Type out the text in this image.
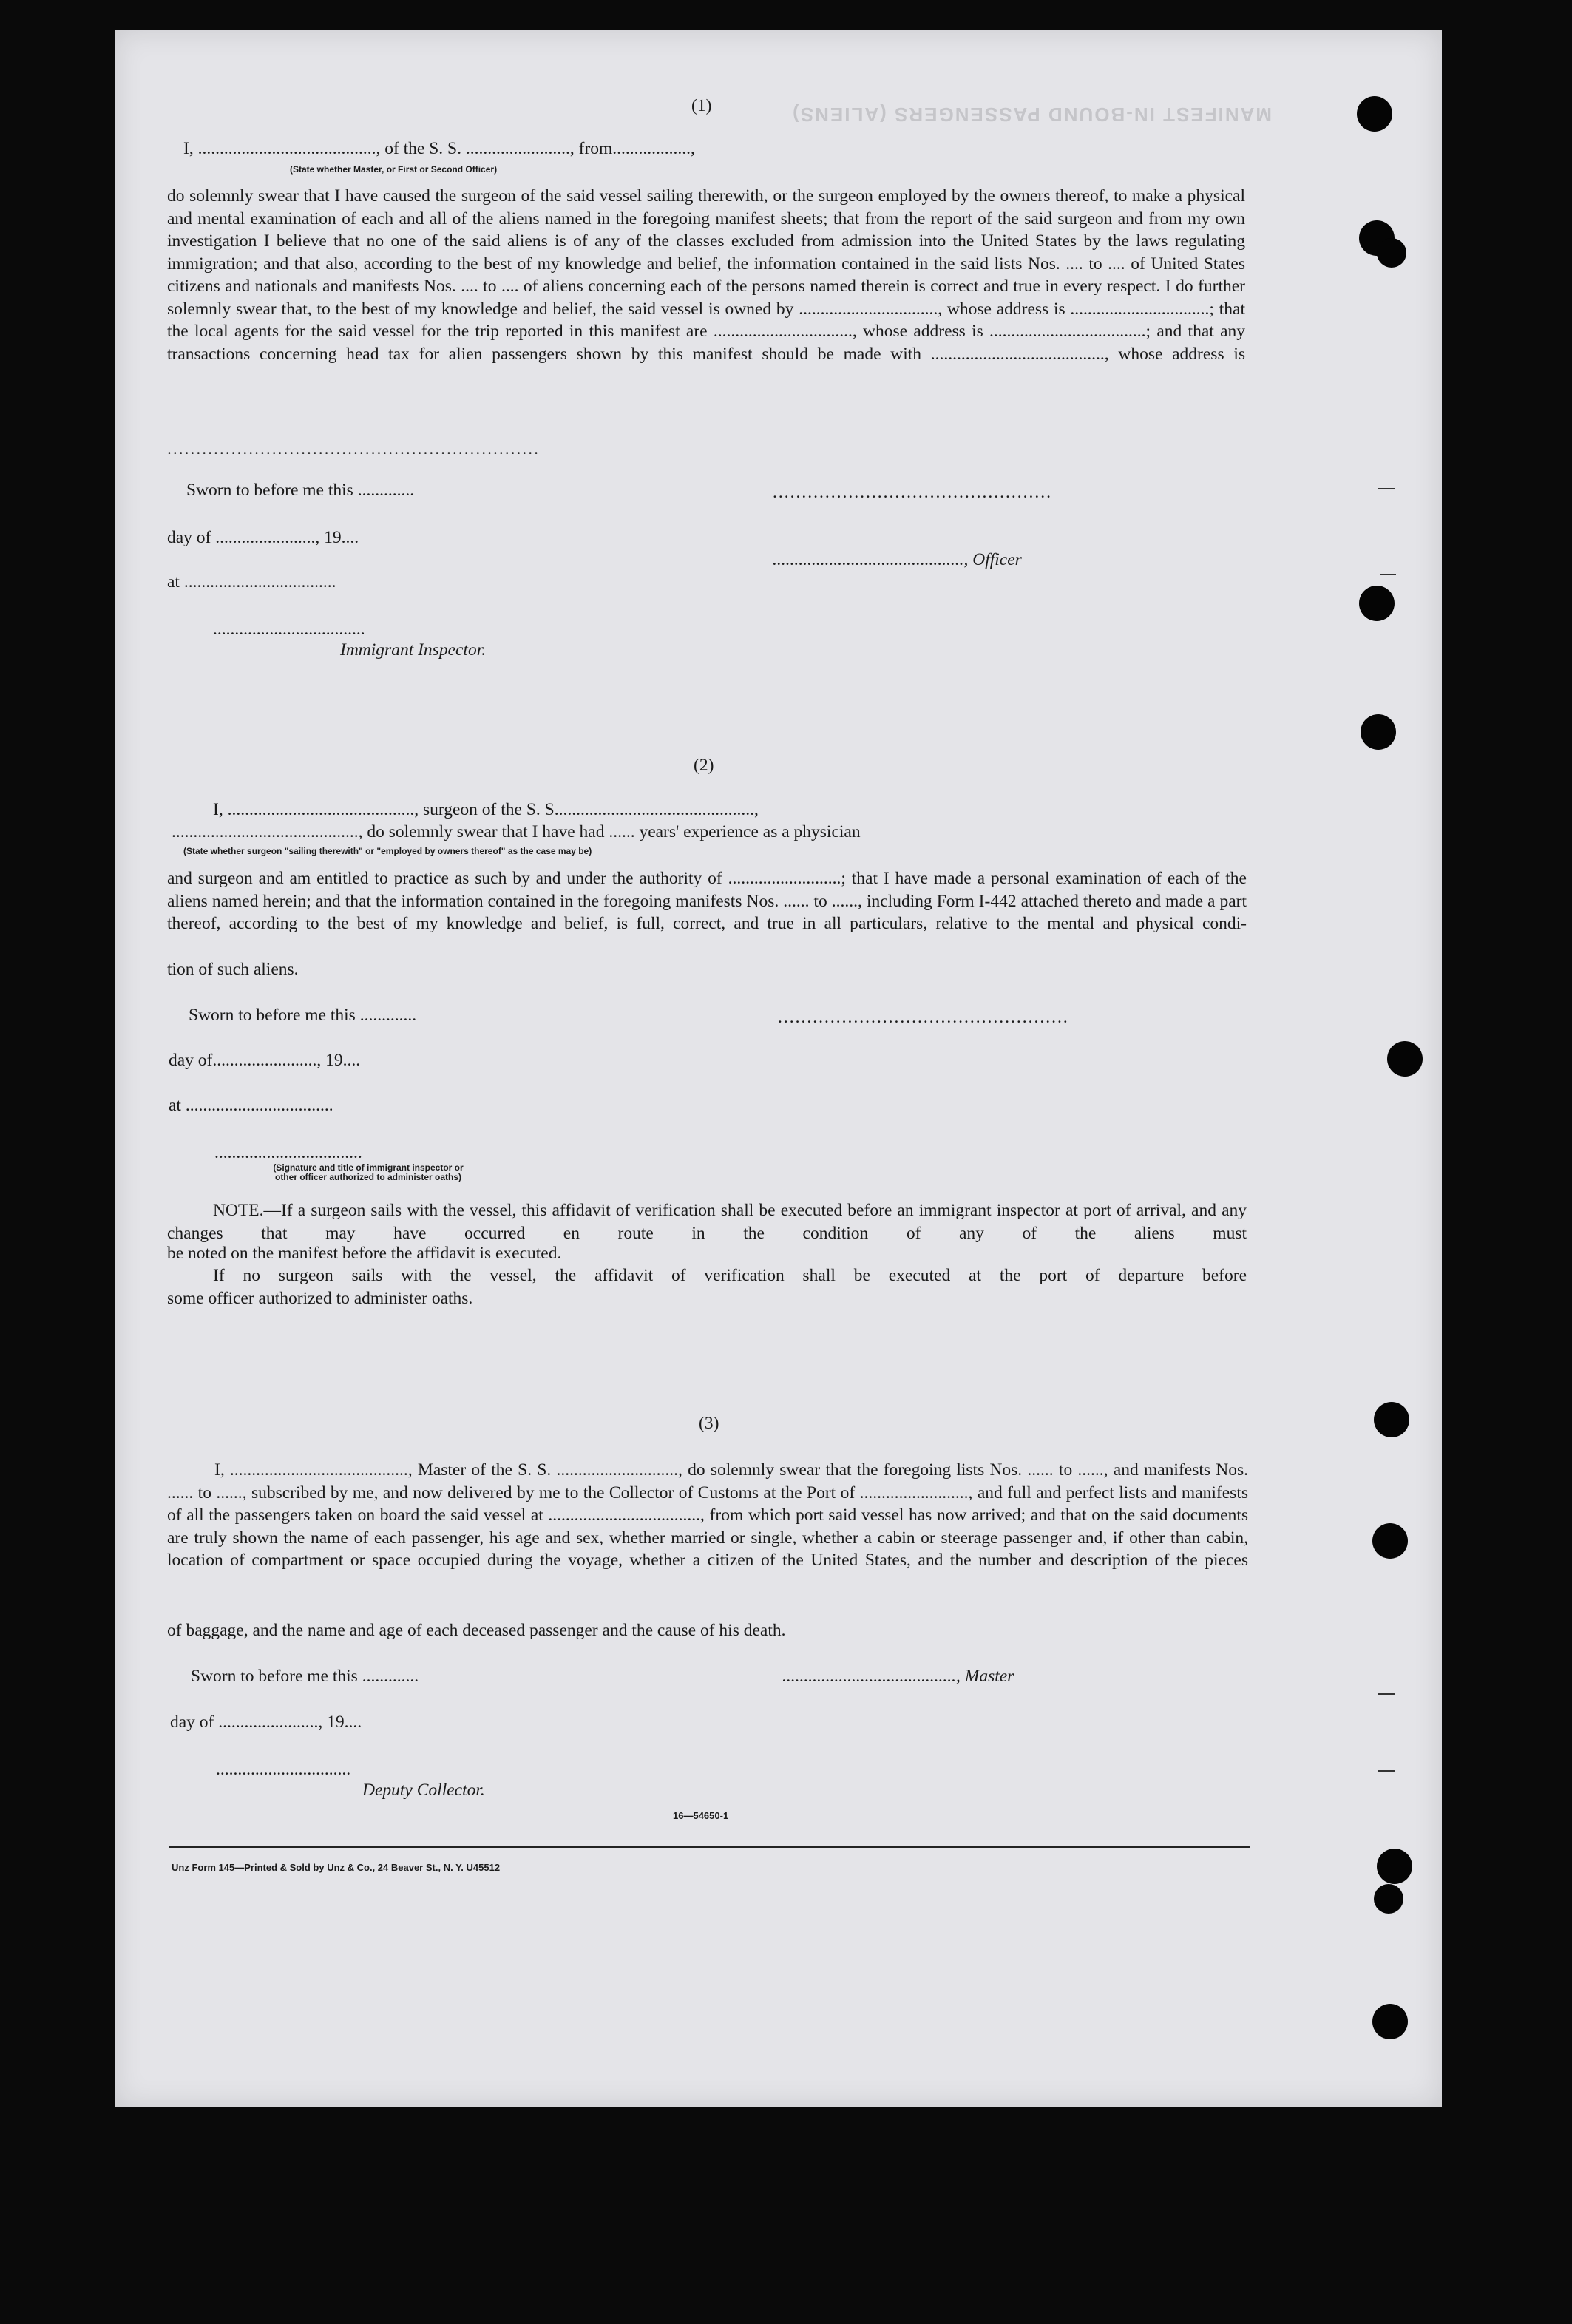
MANIFEST IN-BOUND PASSENGERS (ALIENS)
(1)
I, ........................................., of the S. S. ........................, from..................,
(State whether Master, or First or Second Officer)
do solemnly swear that I have caused the surgeon of the said vessel sailing therewith, or the surgeon employed by the owners thereof, to make a physical and mental examination of each and all of the aliens named in the foregoing manifest sheets; that from the report of the said surgeon and from my own investigation I believe that no one of the said aliens is of any of the classes excluded from admission into the United States by the laws regulating immigration; and that also, according to the best of my knowledge and belief, the information contained in the said lists Nos. .... to .... of United States citizens and nationals and manifests Nos. .... to .... of aliens concerning each of the persons named therein is correct and true in every respect. I do further solemnly swear that, to the best of my knowledge and belief, the said vessel is owned by ................................, whose address is ................................; that the local agents for the said vessel for the trip reported in this manifest are ................................, whose address is ....................................; and that any transactions concerning head tax for alien passengers shown by this manifest should be made with ........................................, whose address is
................................................................
Sworn to before me this .............	................................................
day of ......................., 19....
............................................, Officer
at ...................................
...................................
Immigrant Inspector.
(2)
I, ..........................................., surgeon of the S. S..............................................,
..........................................., do solemnly swear that I have had ...... years' experience as a physician
(State whether surgeon "sailing therewith" or "employed by owners thereof" as the case may be)
and surgeon and am entitled to practice as such by and under the authority of ..........................; that I have made a personal examination of each of the aliens named herein; and that the information contained in the foregoing manifests Nos. ...... to ......, including Form I-442 attached thereto and made a part thereof, according to the best of my knowledge and belief, is full, correct, and true in all particulars, relative to the mental and physical condi-
tion of such aliens.
Sworn to before me this .............	..................................................
day of........................, 19....
at ..................................
..................................
(Signature and title of immigrant inspector or
other officer authorized to administer oaths)
NOTE.—If a surgeon sails with the vessel, this affidavit of verification shall be executed before an immigrant inspector at port of arrival, and any changes that may have occurred en route in the condition of any of the aliens must
be noted on the manifest before the affidavit is executed.
If no surgeon sails with the vessel, the affidavit of verification shall be executed at the port of departure before
some officer authorized to administer oaths.
(3)
I, ........................................., Master of the S. S. ............................, do solemnly swear that the foregoing lists Nos. ...... to ......, and manifests Nos. ...... to ......, subscribed by me, and now delivered by me to the Collector of Customs at the Port of ........................., and full and perfect lists and manifests of all the passengers taken on board the said vessel at ..................................., from which port said vessel has now arrived; and that on the said documents are truly shown the name of each passenger, his age and sex, whether married or single, whether a cabin or steerage passenger and, if other than cabin, location of compartment or space occupied during the voyage, whether a citizen of the United States, and the number and description of the pieces
of baggage, and the name and age of each deceased passenger and the cause of his death.
Sworn to before me this .............	........................................, Master
day of ......................., 19....
...............................
Deputy Collector.
16—54650-1
Unz Form 145—Printed & Sold by Unz & Co., 24 Beaver St., N. Y. U45512
